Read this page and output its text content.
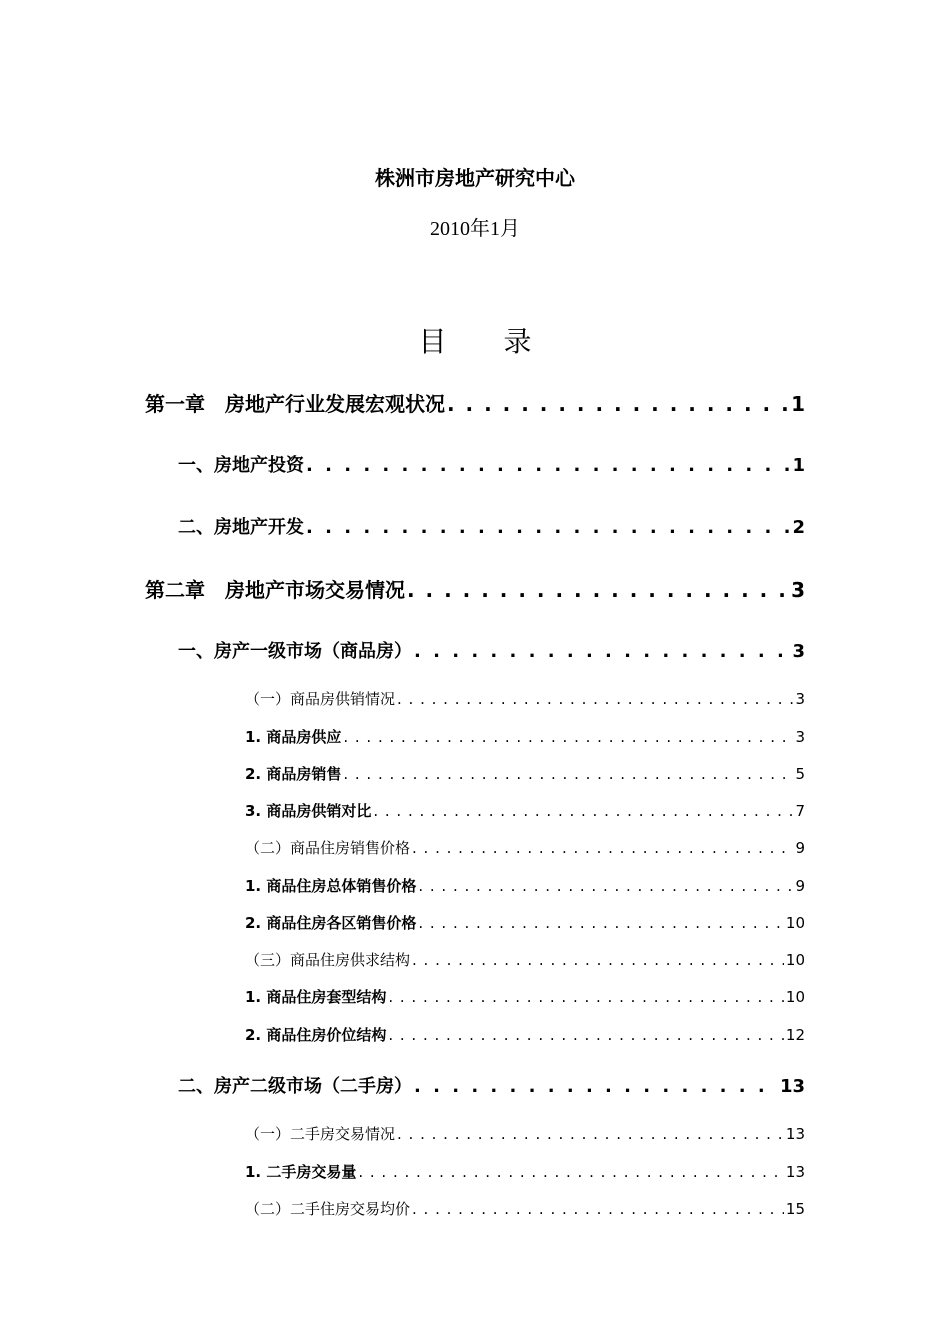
株洲市房地产研究中心
2010年1月
目 录
第一章　房地产行业发展宏观状况 . . .	1
一、房地产投资 . . .	1
二、房地产开发 . . .	2
第二章　房地产市场交易情况 . . .	3
一、房产一级市场（商品房） . . .	3
（一）商品房供销情况 . . .	3
1. 商品房供应 . . .	3
2. 商品房销售 . . .	5
3. 商品房供销对比 . . .	7
（二）商品住房销售价格 . . .	9
1. 商品住房总体销售价格 . . .	9
2. 商品住房各区销售价格 . . .	10
（三）商品住房供求结构 . . .	10
1. 商品住房套型结构 . . .	10
2. 商品住房价位结构 . . .	12
二、房产二级市场（二手房） . . .	13
（一）二手房交易情况 . . .	13
1. 二手房交易量 . . .	13
（二）二手住房交易均价 . . .	15
